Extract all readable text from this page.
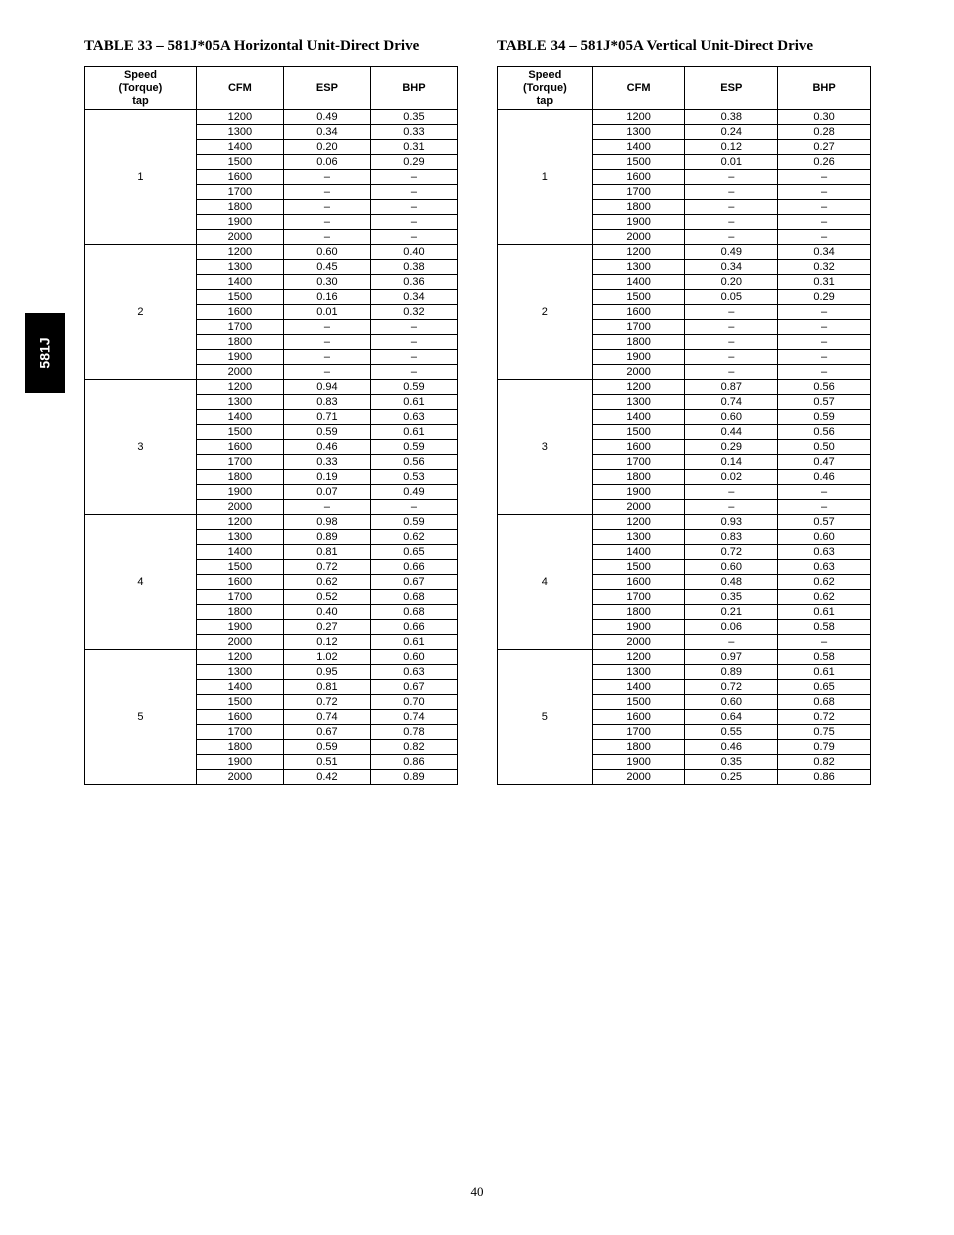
581J
TABLE 33 – 581J*05A Horizontal Unit‑Direct Drive
Speed
(Torque)
tap	CFM	ESP	BHP
1	1200	0.49	0.35
	1300	0.34	0.33
	1400	0.20	0.31
	1500	0.06	0.29
	1600	–	–
	1700	–	–
	1800	–	–
	1900	–	–
	2000	–	–
2	1200	0.60	0.40
	1300	0.45	0.38
	1400	0.30	0.36
	1500	0.16	0.34
	1600	0.01	0.32
	1700	–	–
	1800	–	–
	1900	–	–
	2000	–	–
3	1200	0.94	0.59
	1300	0.83	0.61
	1400	0.71	0.63
	1500	0.59	0.61
	1600	0.46	0.59
	1700	0.33	0.56
	1800	0.19	0.53
	1900	0.07	0.49
	2000	–	–
4	1200	0.98	0.59
	1300	0.89	0.62
	1400	0.81	0.65
	1500	0.72	0.66
	1600	0.62	0.67
	1700	0.52	0.68
	1800	0.40	0.68
	1900	0.27	0.66
	2000	0.12	0.61
5	1200	1.02	0.60
	1300	0.95	0.63
	1400	0.81	0.67
	1500	0.72	0.70
	1600	0.74	0.74
	1700	0.67	0.78
	1800	0.59	0.82
	1900	0.51	0.86
	2000	0.42	0.89
TABLE 34 – 581J*05A Vertical Unit‑Direct Drive
Speed
(Torque)
tap	CFM	ESP	BHP
1	1200	0.38	0.30
	1300	0.24	0.28
	1400	0.12	0.27
	1500	0.01	0.26
	1600	–	–
	1700	–	–
	1800	–	–
	1900	–	–
	2000	–	–
2	1200	0.49	0.34
	1300	0.34	0.32
	1400	0.20	0.31
	1500	0.05	0.29
	1600	–	–
	1700	–	–
	1800	–	–
	1900	–	–
	2000	–	–
3	1200	0.87	0.56
	1300	0.74	0.57
	1400	0.60	0.59
	1500	0.44	0.56
	1600	0.29	0.50
	1700	0.14	0.47
	1800	0.02	0.46
	1900	–	–
	2000	–	–
4	1200	0.93	0.57
	1300	0.83	0.60
	1400	0.72	0.63
	1500	0.60	0.63
	1600	0.48	0.62
	1700	0.35	0.62
	1800	0.21	0.61
	1900	0.06	0.58
	2000	–	–
5	1200	0.97	0.58
	1300	0.89	0.61
	1400	0.72	0.65
	1500	0.60	0.68
	1600	0.64	0.72
	1700	0.55	0.75
	1800	0.46	0.79
	1900	0.35	0.82
	2000	0.25	0.86
40
